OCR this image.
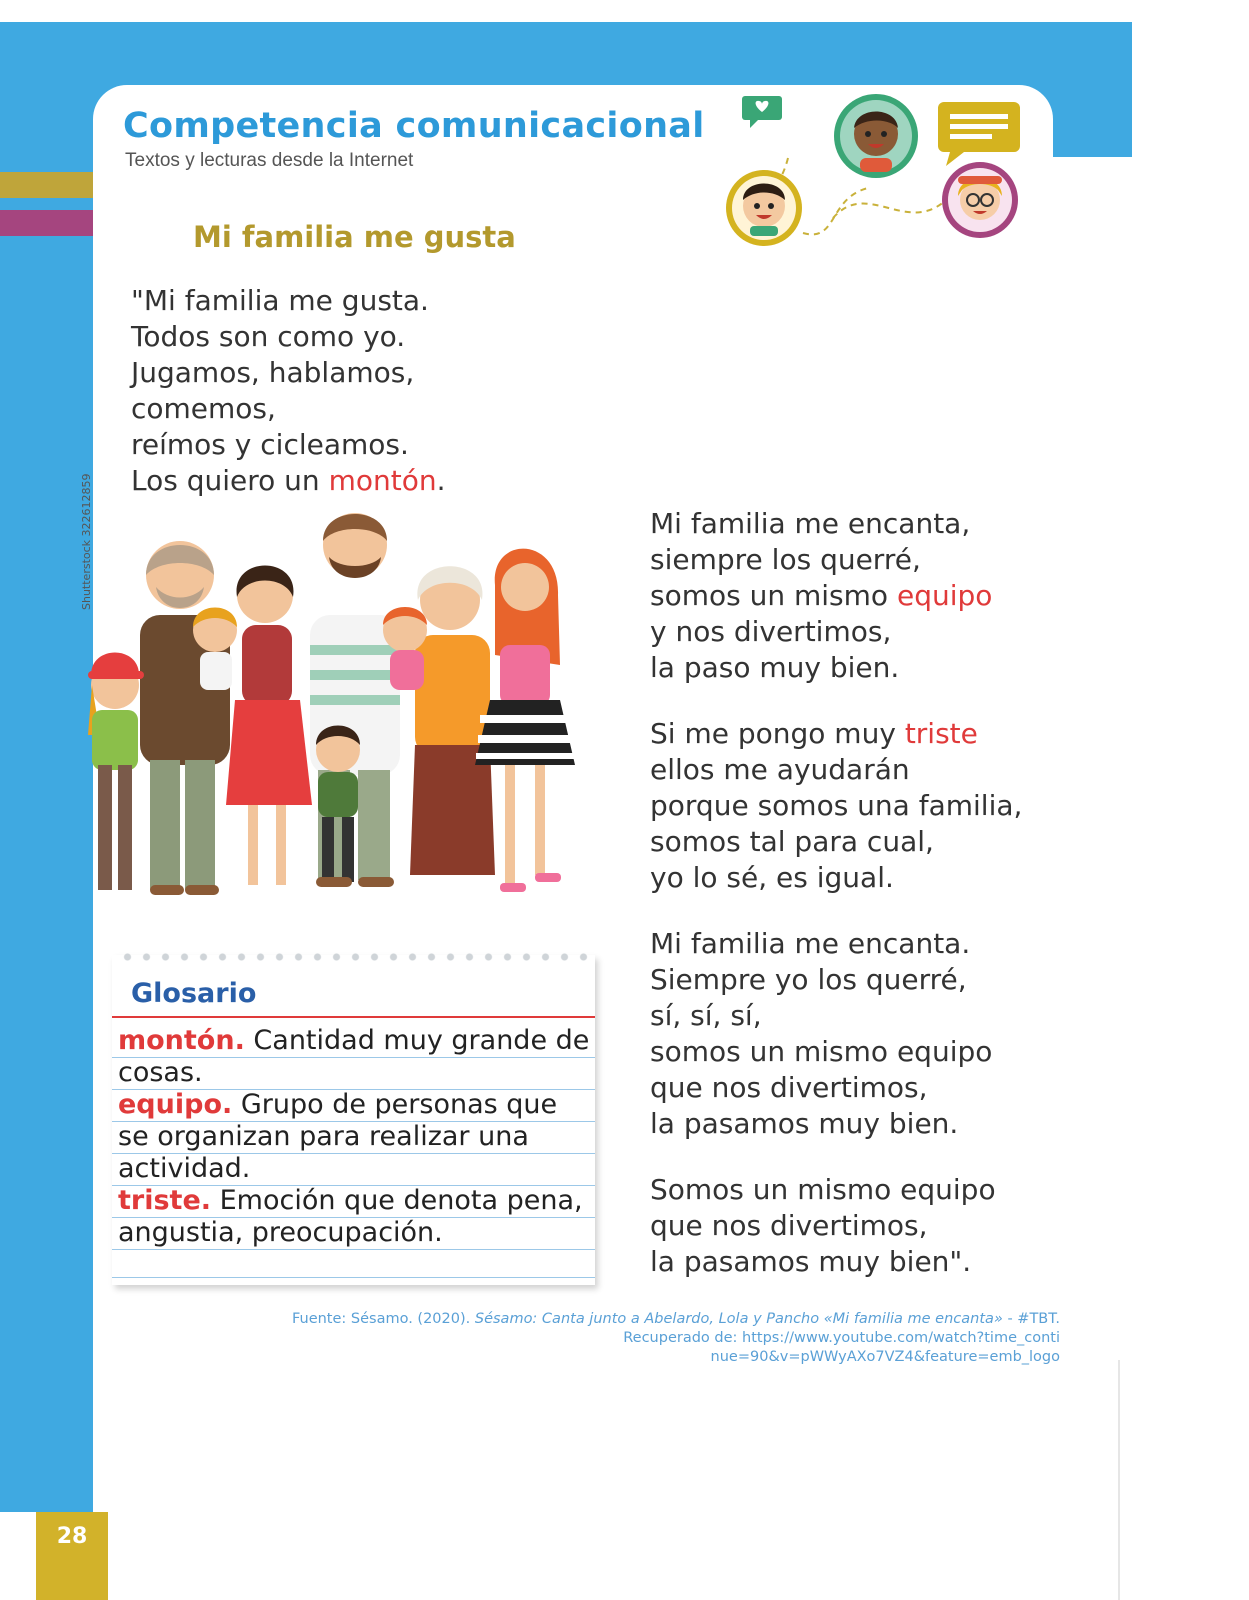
Competencia comunicacional
Textos y lecturas desde la Internet
Mi familia me gusta
"Mi familia me gusta.
Todos son como yo.
Jugamos, hablamos,
comemos,
reímos y cicleamos.
Los quiero un montón.
Mi familia me encanta,
siempre los querré,
somos un mismo equipo
y nos divertimos,
la paso muy bien.
Si me pongo muy triste
ellos me ayudarán
porque somos una familia,
somos tal para cual,
yo lo sé, es igual.
Mi familia me encanta.
Siempre yo los querré,
sí, sí, sí,
somos un mismo equipo
que nos divertimos,
la pasamos muy bien.
Somos un mismo equipo
que nos divertimos,
la pasamos muy bien".
Shutterstock 322612859
Glosario
montón. Cantidad muy grande de cosas.
equipo. Grupo de personas que se organizan para realizar una actividad.
triste. Emoción que denota pena, angustia, preocupación.
Fuente: Sésamo. (2020). Sésamo: Canta junto a Abelardo, Lola y Pancho «Mi familia me encanta» - #TBT.
Recuperado de: https://www.youtube.com/watch?time_conti
nue=90&v=pWWyAXo7VZ4&feature=emb_logo
28
